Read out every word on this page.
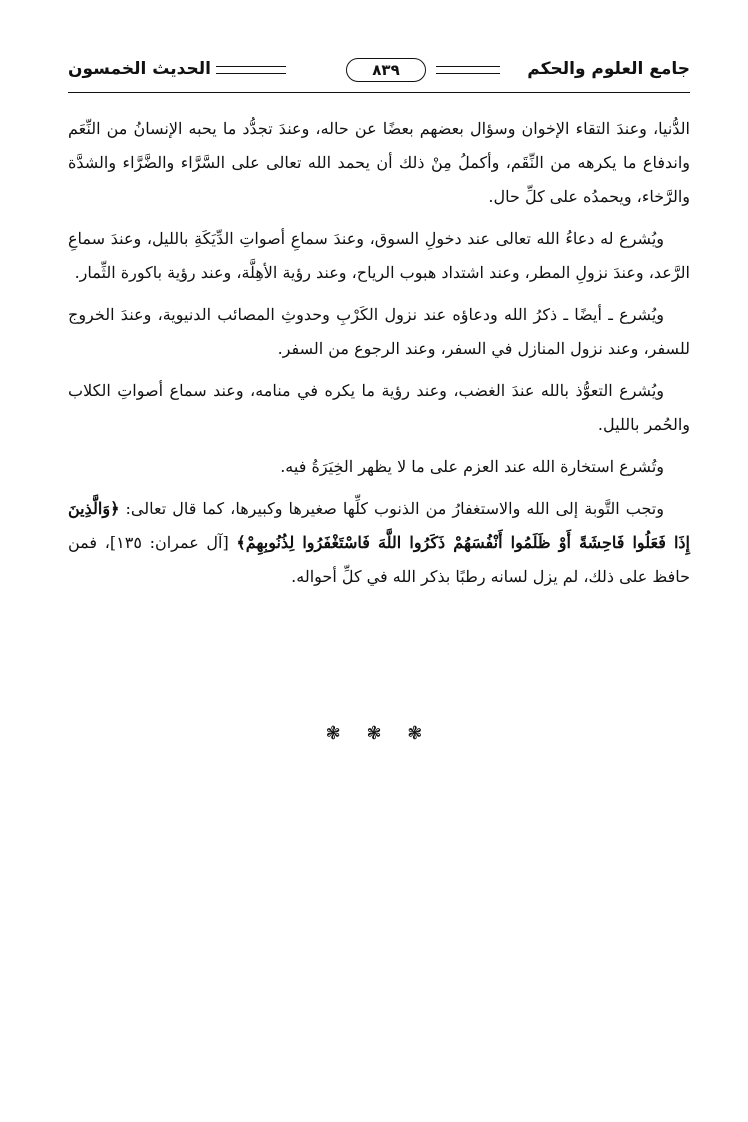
جامع العلوم والحكم
٨٣٩
الحديث الخمسون

الدُّنيا، وعندَ التقاء الإخوان وسؤال بعضهم بعضًا عن حاله، وعندَ تجدُّد ما يحبه الإنسانُ من النِّعَم واندفاع ما يكرهه من النِّقَم، وأكملُ مِنْ ذلك أن يحمد الله تعالى على السَّرَّاء والضَّرَّاء والشدَّة والرَّخاء، ويحمدُه على كلِّ حال.

ويُشرع له دعاءُ الله تعالى عند دخولِ السوق، وعندَ سماعِ أصواتِ الدِّيَكَةِ بالليل، وعندَ سماعِ الرَّعد، وعندَ نزولِ المطر، وعند اشتداد هبوب الرياح، وعند رؤية الأهِلَّة، وعند رؤية باكورة الثِّمار.

ويُشرع ـ أيضًا ـ ذكرُ الله ودعاؤه عند نزول الكَرْبِ وحدوثِ المصائب الدنيوية، وعندَ الخروج للسفر، وعند نزول المنازل في السفر، وعند الرجوع من السفر.

ويُشرع التعوُّذ بالله عندَ الغضب، وعند رؤية ما يكره في منامه، وعند سماع أصواتِ الكلاب والحُمر بالليل.

وتُشرع استخارة الله عند العزم على ما لا يظهر الخِيَرَةُ فيه.

وتجب التَّوبة إلى الله والاستغفارُ من الذنوب كلِّها صغيرها وكبيرها، كما قال تعالى: ﴿وَالَّذِينَ إِذَا فَعَلُوا فَاحِشَةً أَوْ ظَلَمُوا أَنْفُسَهُمْ ذَكَرُوا اللَّهَ فَاسْتَغْفَرُوا لِذُنُوبِهِمْ﴾ [آل عمران: ١٣٥]، فمن حافظ على ذلك، لم يزل لسانه رطبًا بذكر الله في كلِّ أحواله.

❃ ❃ ❃
